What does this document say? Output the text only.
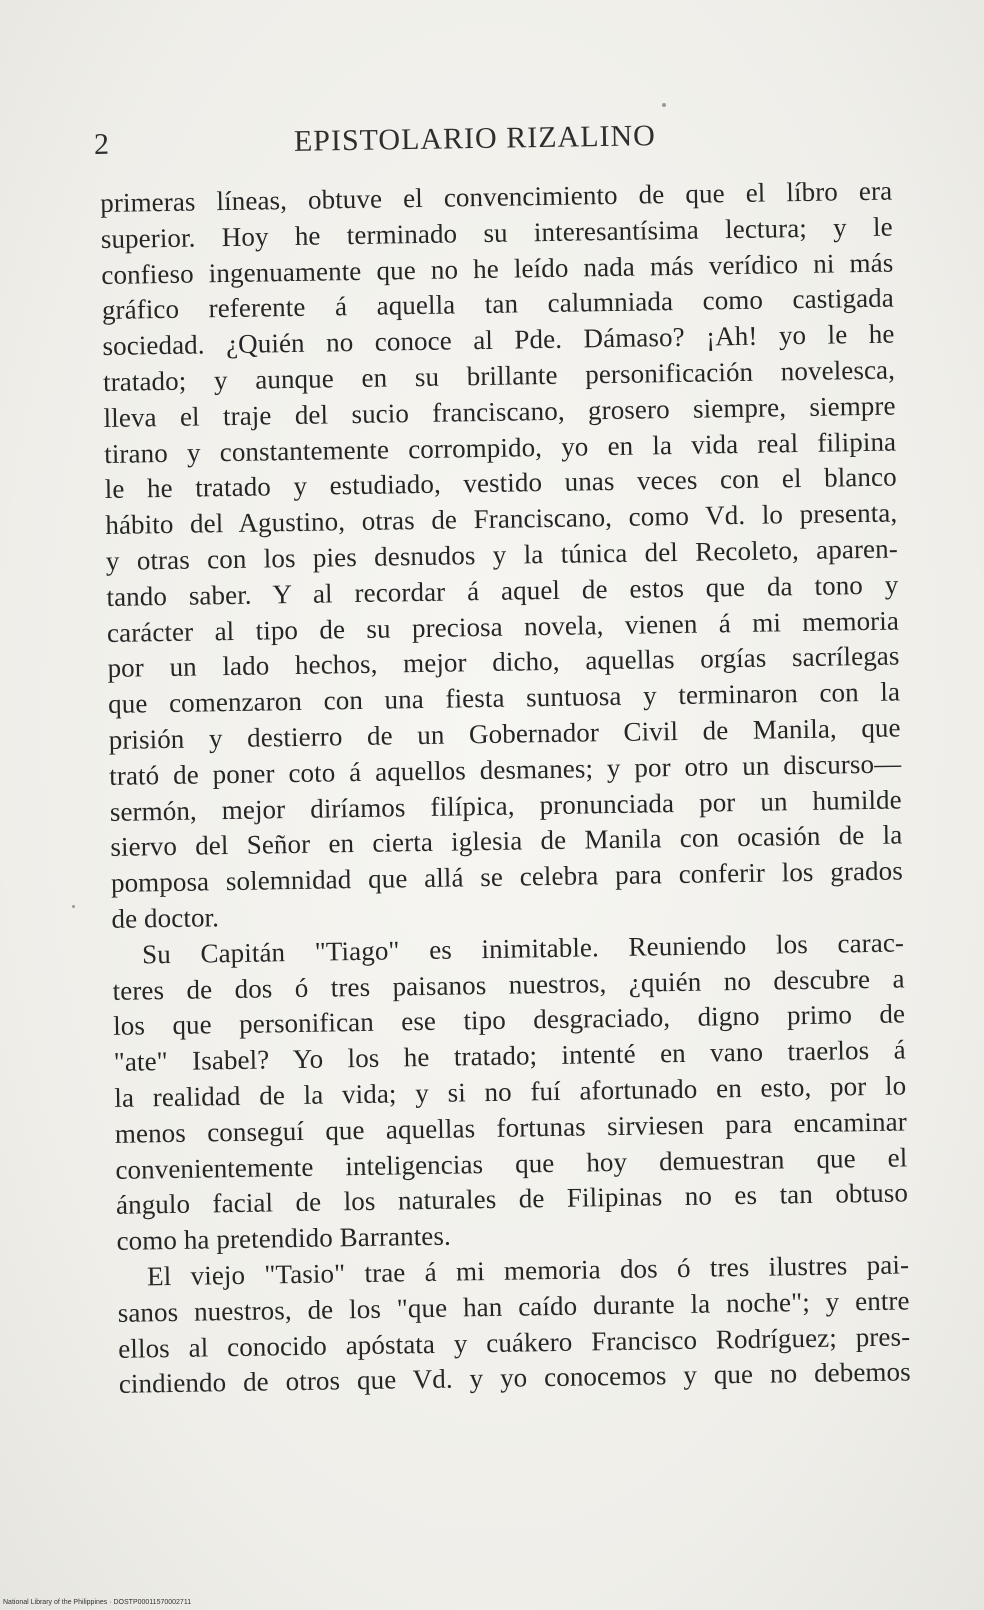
2	EPISTOLARIO RIZALINO
primeras líneas, obtuve el convencimiento de que el líbro era
superior. Hoy he terminado su interesantísima lectura; y le
confieso ingenuamente que no he leído nada más verídico ni más
gráfico referente á aquella tan calumniada como castigada
sociedad. ¿Quién no conoce al Pde. Dámaso? ¡Ah! yo le he
tratado; y aunque en su brillante personificación novelesca,
lleva el traje del sucio franciscano, grosero siempre, siempre
tirano y constantemente corrompido, yo en la vida real filipina
le he tratado y estudiado, vestido unas veces con el blanco
hábito del Agustino, otras de Franciscano, como Vd. lo presenta,
y otras con los pies desnudos y la túnica del Recoleto, aparen-
tando saber. Y al recordar á aquel de estos que da tono y
carácter al tipo de su preciosa novela, vienen á mi memoria
por un lado hechos, mejor dicho, aquellas orgías sacrílegas
que comenzaron con una fiesta suntuosa y terminaron con la
prisión y destierro de un Gobernador Civil de Manila, que
trató de poner coto á aquellos desmanes; y por otro un discurso—
sermón, mejor diríamos filípica, pronunciada por un humilde
siervo del Señor en cierta iglesia de Manila con ocasión de la
pomposa solemnidad que allá se celebra para conferir los grados
de doctor.
Su Capitán "Tiago" es inimitable. Reuniendo los carac-
teres de dos ó tres paisanos nuestros, ¿quién no descubre a
los que personifican ese tipo desgraciado, digno primo de
"ate" Isabel? Yo los he tratado; intenté en vano traerlos á
la realidad de la vida; y si no fuí afortunado en esto, por lo
menos conseguí que aquellas fortunas sirviesen para encaminar
convenientemente inteligencias que hoy demuestran que el
ángulo facial de los naturales de Filipinas no es tan obtuso
como ha pretendido Barrantes.
El viejo "Tasio" trae á mi memoria dos ó tres ilustres pai-
sanos nuestros, de los "que han caído durante la noche"; y entre
ellos al conocido apóstata y cuákero Francisco Rodríguez; pres-
cindiendo de otros que Vd. y yo conocemos y que no debemos
National Library of the Philippines · DOSTP00011570002711
